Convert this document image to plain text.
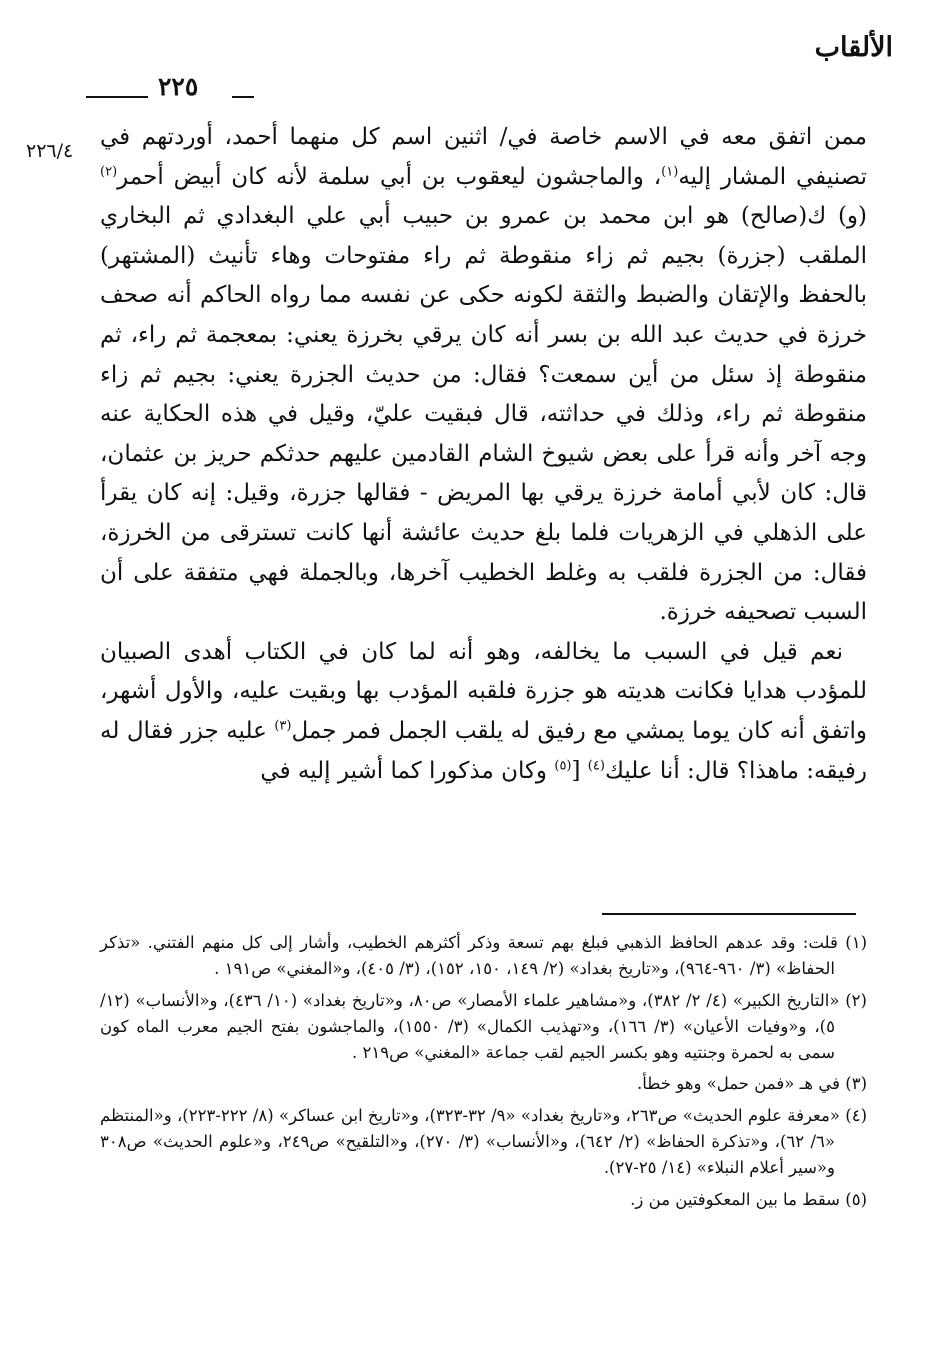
الألقاب
٢٢٥
٢٢٦/٤

ممن اتفق معه في الاسم خاصة في/ اثنين اسم كل منهما أحمد، أوردتهم في تصنيفي المشار إليه$^{(١)}$، والماجشون ليعقوب بن أبي سلمة لأنه كان أبيض أحمر$^{(٢)}$ (و) ك(صالح) هو ابن محمد بن عمرو بن حبيب أبي علي البغدادي ثم البخاري الملقب (جزرة) بجيم ثم زاء منقوطة ثم راء مفتوحات وهاء تأنيث (المشتهر) بالحفظ والإتقان والضبط والثقة لكونه حكى عن نفسه مما رواه الحاكم أنه صحف خرزة في حديث عبد الله بن بسر أنه كان يرقي بخرزة يعني: بمعجمة ثم راء، ثم منقوطة إذ سئل من أين سمعت؟ فقال: من حديث الجزرة يعني: بجيم ثم زاء منقوطة ثم راء، وذلك في حداثته، قال فبقيت عليّ، وقيل في هذه الحكاية عنه وجه آخر وأنه قرأ على بعض شيوخ الشام القادمين عليهم حدثكم حريز بن عثمان، قال: كان لأبي أمامة خرزة يرقي بها المريض - فقالها جزرة، وقيل: إنه كان يقرأ على الذهلي في الزهريات فلما بلغ حديث عائشة أنها كانت تسترقى من الخرزة، فقال: من الجزرة فلقب به وغلط الخطيب آخرها، وبالجملة فهي متفقة على أن السبب تصحيفه خرزة.

نعم قيل في السبب ما يخالفه، وهو أنه لما كان في الكتاب أهدى الصبيان للمؤدب هدايا فكانت هديته هو جزرة فلقبه المؤدب بها وبقيت عليه، والأول أشهر، واتفق أنه كان يوما يمشي مع رفيق له يلقب الجمل فمر جمل$^{(٣)}$ عليه جزر فقال له رفيقه: ماهذا؟ قال: أنا عليك$^{(٤)}$ [$^{(٥)}$ وكان مذكورا كما أشير إليه في

(١) قلت: وقد عدهم الحافظ الذهبي فبلغ بهم تسعة وذكر أكثرهم الخطيب، وأشار إلى كل منهم الفتني. «تذكر الحفاظ» (٣/ ٩٦٠-٩٦٤)، و«تاريخ بغداد» (٢/ ١٤٩، ١٥٠، ١٥٢)، (٣/ ٤٠٥)، و«المغني» ص١٩١ .

(٢) «التاريخ الكبير» (٤/ ٢/ ٣٨٢)، و«مشاهير علماء الأمصار» ص٨٠، و«تاريخ بغداد» (١٠/ ٤٣٦)، و«الأنساب» (١٢/ ٥)، و«وفيات الأعيان» (٣/ ١٦٦)، و«تهذيب الكمال» (٣/ ١٥٥٠)، والماجشون بفتح الجيم معرب الماه كون سمى به لحمرة وجنتيه وهو بكسر الجيم لقب جماعة «المغني» ص٢١٩ .

(٣) في هـ «فمن حمل» وهو خطأ.

(٤) «معرفة علوم الحديث» ص٢٦٣، و«تاريخ بغداد» «٩/ ٣٢-٣٢٣)، و«تاريخ ابن عساكر» (٨/ ٢٢٢-٢٢٣)، و«المنتظم «٦/ ٦٢)، و«تذكرة الحفاظ» (٢/ ٦٤٢)، و«الأنساب» (٣/ ٢٧٠)، و«التلقيح» ص٢٤٩، و«علوم الحديث» ص٣٠٨ و«سير أعلام النبلاء» (١٤/ ٢٥-٢٧).

(٥) سقط ما بين المعكوفتين من ز.
